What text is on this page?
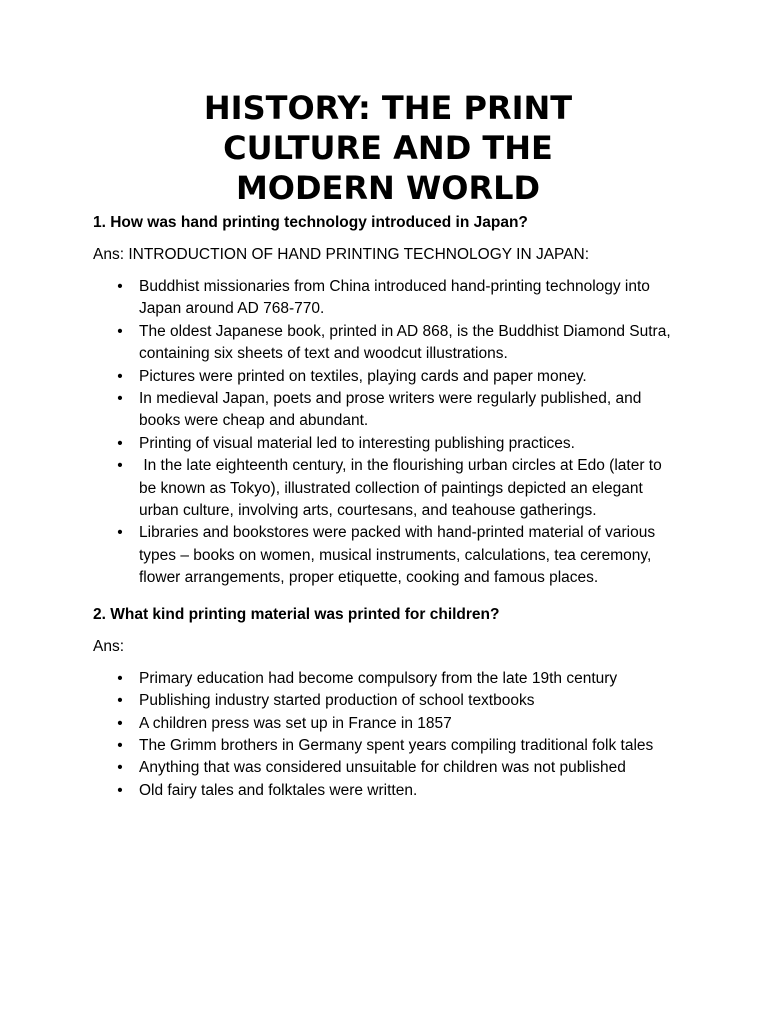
HISTORY: THE PRINT
CULTURE AND THE
MODERN WORLD

1. How was hand printing technology introduced in Japan?

Ans: INTRODUCTION OF HAND PRINTING TECHNOLOGY IN JAPAN:

• Buddhist missionaries from China introduced hand-printing technology into Japan around AD 768-770.
• The oldest Japanese book, printed in AD 868, is the Buddhist Diamond Sutra, containing six sheets of text and woodcut illustrations.
• Pictures were printed on textiles, playing cards and paper money.
• In medieval Japan, poets and prose writers were regularly published, and books were cheap and abundant.
• Printing of visual material led to interesting publishing practices.
• In the late eighteenth century, in the flourishing urban circles at Edo (later to be known as Tokyo), illustrated collection of paintings depicted an elegant urban culture, involving arts, courtesans, and teahouse gatherings.
• Libraries and bookstores were packed with hand-printed material of various types – books on women, musical instruments, calculations, tea ceremony, flower arrangements, proper etiquette, cooking and famous places.

2. What kind printing material was printed for children?

Ans:

• Primary education had become compulsory from the late 19th century
• Publishing industry started production of school textbooks
• A children press was set up in France in 1857
• The Grimm brothers in Germany spent years compiling traditional folk tales
• Anything that was considered unsuitable for children was not published
• Old fairy tales and folktales were written.
